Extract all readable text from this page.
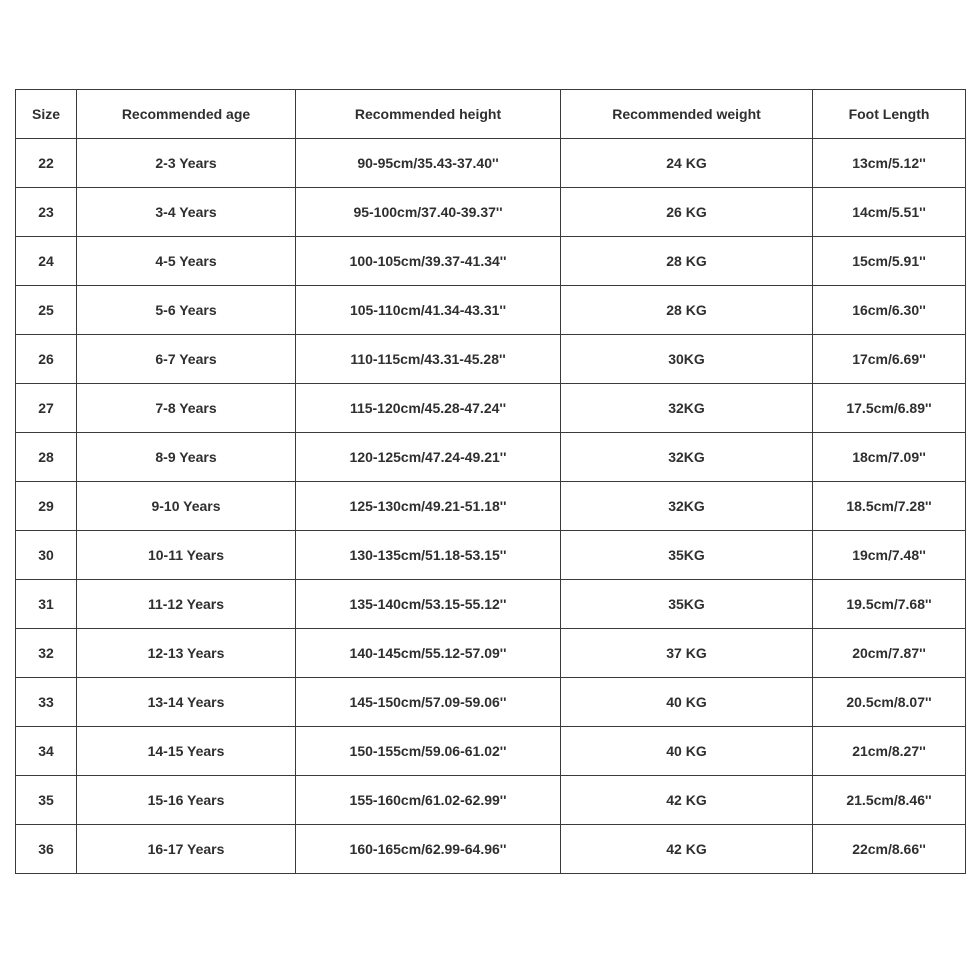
Size	Recommended age	Recommended height	Recommended weight	Foot Length
22	2-3 Years	90-95cm/35.43-37.40''	24 KG	13cm/5.12''
23	3-4 Years	95-100cm/37.40-39.37''	26 KG	14cm/5.51''
24	4-5 Years	100-105cm/39.37-41.34''	28 KG	15cm/5.91''
25	5-6 Years	105-110cm/41.34-43.31''	28 KG	16cm/6.30''
26	6-7 Years	110-115cm/43.31-45.28''	30KG	17cm/6.69''
27	7-8 Years	115-120cm/45.28-47.24''	32KG	17.5cm/6.89''
28	8-9 Years	120-125cm/47.24-49.21''	32KG	18cm/7.09''
29	9-10 Years	125-130cm/49.21-51.18''	32KG	18.5cm/7.28''
30	10-11 Years	130-135cm/51.18-53.15''	35KG	19cm/7.48''
31	11-12 Years	135-140cm/53.15-55.12''	35KG	19.5cm/7.68''
32	12-13 Years	140-145cm/55.12-57.09''	37 KG	20cm/7.87''
33	13-14 Years	145-150cm/57.09-59.06''	40 KG	20.5cm/8.07''
34	14-15 Years	150-155cm/59.06-61.02''	40 KG	21cm/8.27''
35	15-16 Years	155-160cm/61.02-62.99''	42 KG	21.5cm/8.46''
36	16-17 Years	160-165cm/62.99-64.96''	42 KG	22cm/8.66''
